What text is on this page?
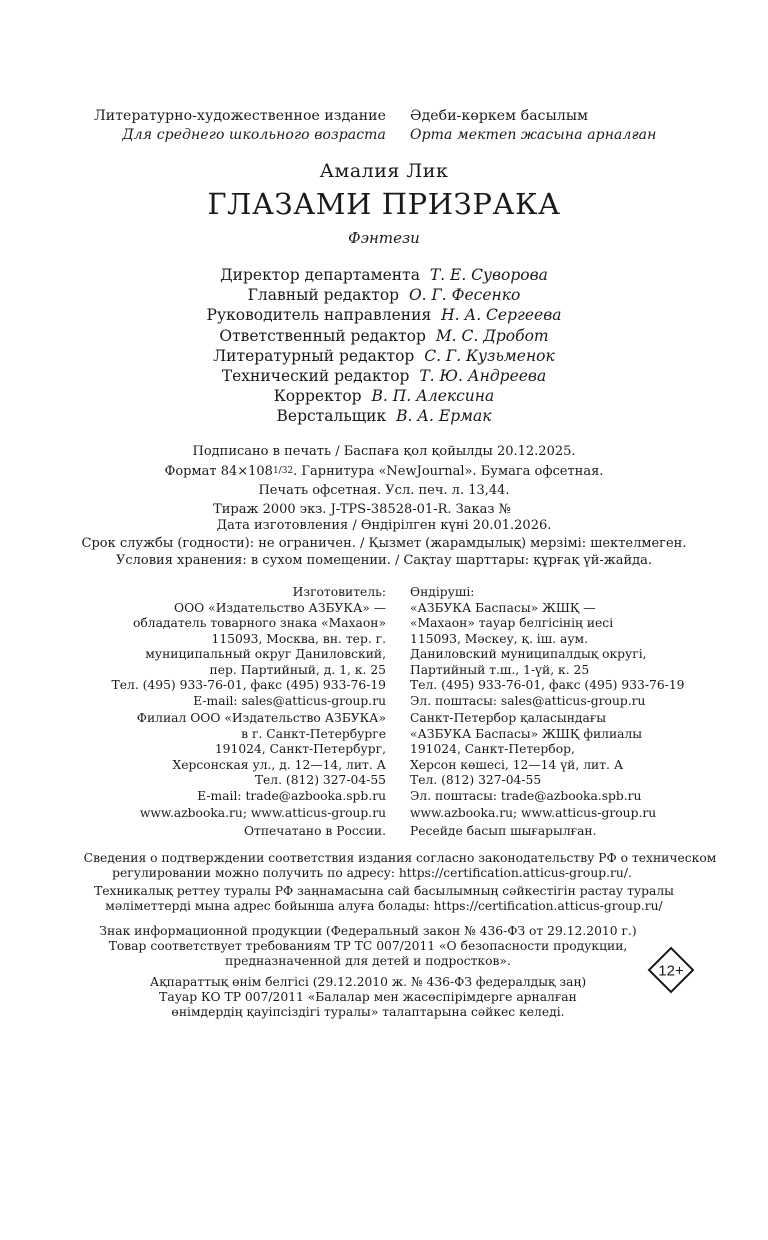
Литературно-художественное издание
Для среднего школьного возраста
Әдеби-көркем басылым
Орта мектеп жасына арналған
Амалия Лик
ГЛАЗАМИ ПРИЗРАКА
Фэнтези
Директор департамента Т. Е. Суворова
Главный редактор О. Г. Фесенко
Руководитель направления Н. А. Сергеева
Ответственный редактор М. С. Дробот
Литературный редактор С. Г. Кузьменок
Технический редактор Т. Ю. Андреева
Корректор В. П. Алексина
Верстальщик В. А. Ермак
Подписано в печать / Баспаға қол қойылды 20.12.2025.
Формат 84×1081/32. Гарнитура «NewJournal». Бумага офсетная.
Печать офсетная. Усл. печ. л. 13,44.
Тираж 2000 экз. J-TPS-38528-01-R. Заказ №
Дата изготовления / Өндірілген күні 20.01.2026.
Срок службы (годности): не ограничен. / Қызмет (жарамдылық) мерзімі: шектелмеген.
Условия хранения: в сухом помещении. / Сақтау шарттары: құрғақ үй-жайда.
Изготовитель:
ООО «Издательство АЗБУКА» —
обладатель товарного знака «Махаон»
115093, Москва, вн. тер. г.
муниципальный округ Даниловский,
пер. Партийный, д. 1, к. 25
Тел. (495) 933-76-01, факс (495) 933-76-19
E-mail: sales@atticus-group.ru
Өндіруші:
«АЗБУКА Баспасы» ЖШҚ —
«Махаон» тауар белгісінің иесі
115093, Мәскеу, қ. іш. аум.
Даниловский муниципалдық округі,
Партийный т.ш., 1-үй, к. 25
Тел. (495) 933-76-01, факс (495) 933-76-19
Эл. поштасы: sales@atticus-group.ru
Филиал ООО «Издательство АЗБУКА»
в г. Санкт-Петербурге
191024, Санкт-Петербург,
Херсонская ул., д. 12—14, лит. А
Тел. (812) 327-04-55
E-mail: trade@azbooka.spb.ru
Санкт-Петербор қаласындағы
«АЗБУКА Баспасы» ЖШҚ филиалы
191024, Санкт-Петербор,
Херсон көшесі, 12—14 үй, лит. А
Тел. (812) 327-04-55
Эл. поштасы: trade@azbooka.spb.ru
www.azbooka.ru; www.atticus-group.ru www.azbooka.ru; www.atticus-group.ru
Отпечатано в России. Ресейде басып шығарылған.
Сведения о подтверждении соответствия издания согласно законодательству РФ о техническом
регулировании можно получить по адресу: https://certification.atticus-group.ru/.
Техникалық реттеу туралы РФ заңнамасына сай басылымның сәйкестігін растау туралы
мәліметтерді мына адрес бойынша алуға болады: https://certification.atticus-group.ru/
Знак информационной продукции (Федеральный закон № 436-ФЗ от 29.12.2010 г.)
Товар соответствует требованиям ТР ТС 007/2011 «О безопасности продукции,
предназначенной для детей и подростков».
Ақпараттық өнім белгісі (29.12.2010 ж. № 436-ФЗ федералдық заң)
Тауар КО ТР 007/2011 «Балалар мен жасөспірімдерге арналған
өнімдердің қауіпсіздігі туралы» талаптарына сәйкес келеді.
12+
